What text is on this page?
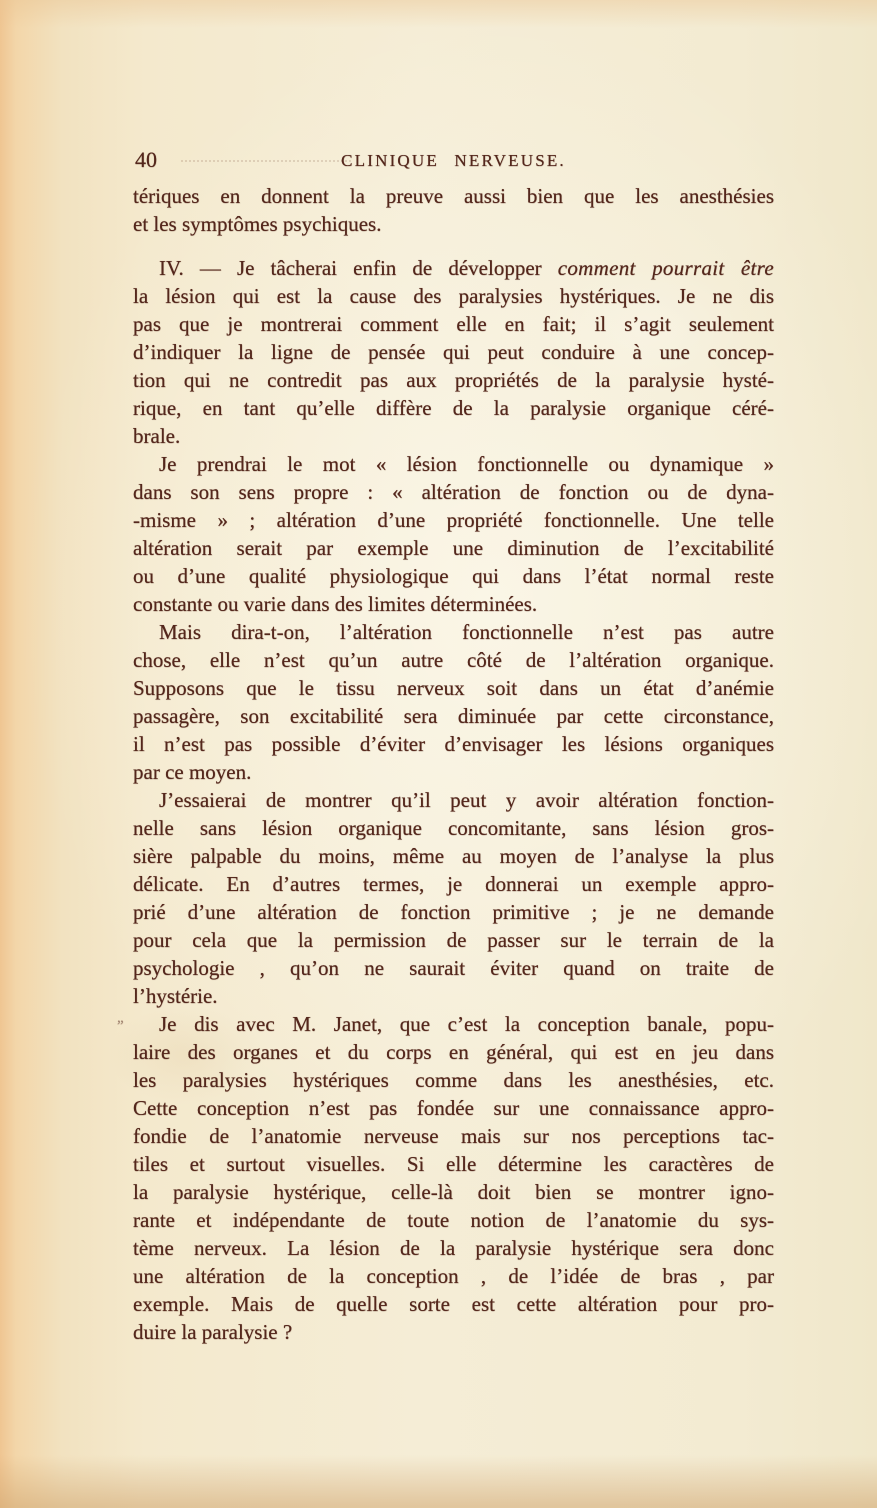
40	CLINIQUE NERVEUSE.
tériques en donnent la preuve aussi bien que les anesthésies
et les symptômes psychiques.
IV. — Je tâcherai enfin de développer comment pourrait être
la lésion qui est la cause des paralysies hystériques. Je ne dis
pas que je montrerai comment elle en fait; il s’agit seulement
d’indiquer la ligne de pensée qui peut conduire à une concep-
tion qui ne contredit pas aux propriétés de la paralysie hysté-
rique, en tant qu’elle diffère de la paralysie organique céré-
brale.
Je prendrai le mot « lésion fonctionnelle ou dynamique »
dans son sens propre : « altération de fonction ou de dyna-
-misme » ; altération d’une propriété fonctionnelle. Une telle
altération serait par exemple une diminution de l’excitabilité
ou d’une qualité physiologique qui dans l’état normal reste
constante ou varie dans des limites déterminées.
Mais dira-t-on, l’altération fonctionnelle n’est pas autre
chose, elle n’est qu’un autre côté de l’altération organique.
Supposons que le tissu nerveux soit dans un état d’anémie
passagère, son excitabilité sera diminuée par cette circonstance,
il n’est pas possible d’éviter d’envisager les lésions organiques
par ce moyen.
J’essaierai de montrer qu’il peut y avoir altération fonction-
nelle sans lésion organique concomitante, sans lésion gros-
sière palpable du moins, même au moyen de l’analyse la plus
délicate. En d’autres termes, je donnerai un exemple appro-
prié d’une altération de fonction primitive ; je ne demande
pour cela que la permission de passer sur le terrain de la
psychologie , qu’on ne saurait éviter quand on traite de
l’hystérie.
Je dis avec M. Janet, que c’est la conception banale, popu-
„
laire des organes et du corps en général, qui est en jeu dans
les paralysies hystériques comme dans les anesthésies, etc.
Cette conception n’est pas fondée sur une connaissance appro-
fondie de l’anatomie nerveuse mais sur nos perceptions tac-
tiles et surtout visuelles. Si elle détermine les caractères de
la paralysie hystérique, celle-là doit bien se montrer igno-
rante et indépendante de toute notion de l’anatomie du sys-
tème nerveux. La lésion de la paralysie hystérique sera donc
une altération de la conception , de l’idée de bras , par
exemple. Mais de quelle sorte est cette altération pour pro-
duire la paralysie ?
